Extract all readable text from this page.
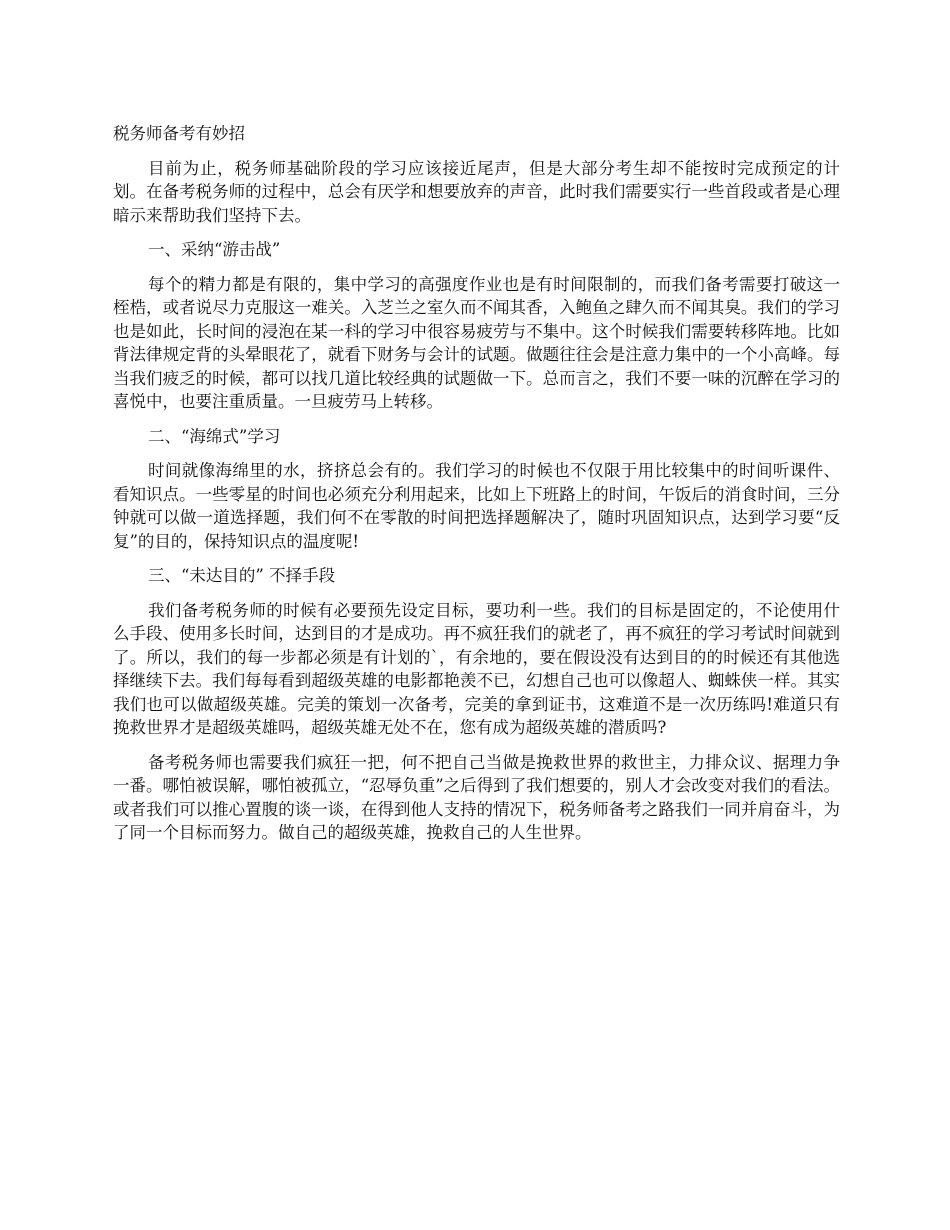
税务师备考有妙招

目前为止，税务师基础阶段的学习应该接近尾声，但是大部分考生却不能按时完成预定的计划。在备考税务师的过程中，总会有厌学和想要放弃的声音，此时我们需要实行一些首段或者是心理暗示来帮助我们坚持下去。

一、采纳“游击战”

每个的精力都是有限的，集中学习的高强度作业也是有时间限制的，而我们备考需要打破这一桎梏，或者说尽力克服这一难关。入芝兰之室久而不闻其香，入鲍鱼之肆久而不闻其臭。我们的学习也是如此，长时间的浸泡在某一科的学习中很容易疲劳与不集中。这个时候我们需要转移阵地。比如背法律规定背的头晕眼花了，就看下财务与会计的试题。做题往往会是注意力集中的一个小高峰。每当我们疲乏的时候，都可以找几道比较经典的试题做一下。总而言之，我们不要一味的沉醉在学习的喜悦中，也要注重质量。一旦疲劳马上转移。

二、“海绵式”学习

时间就像海绵里的水，挤挤总会有的。我们学习的时候也不仅限于用比较集中的时间听课件、看知识点。一些零星的时间也必须充分利用起来，比如上下班路上的时间，午饭后的消食时间，三分钟就可以做一道选择题，我们何不在零散的时间把选择题解决了，随时巩固知识点，达到学习要“反复”的目的，保持知识点的温度呢!

三、“未达目的” 不择手段

我们备考税务师的时候有必要预先设定目标，要功利一些。我们的目标是固定的，不论使用什么手段、使用多长时间，达到目的才是成功。再不疯狂我们的就老了，再不疯狂的学习考试时间就到了。所以，我们的每一步都必须是有计划的`，有余地的，要在假设没有达到目的的时候还有其他选择继续下去。我们每每看到超级英雄的电影都艳羡不已，幻想自己也可以像超人、蜘蛛侠一样。其实我们也可以做超级英雄。完美的策划一次备考，完美的拿到证书，这难道不是一次历练吗!难道只有挽救世界才是超级英雄吗，超级英雄无处不在，您有成为超级英雄的潜质吗?

备考税务师也需要我们疯狂一把，何不把自己当做是挽救世界的救世主，力排众议、据理力争一番。哪怕被误解，哪怕被孤立，“忍辱负重”之后得到了我们想要的，别人才会改变对我们的看法。或者我们可以推心置腹的谈一谈，在得到他人支持的情况下，税务师备考之路我们一同并肩奋斗，为了同一个目标而努力。做自己的超级英雄，挽救自己的人生世界。
